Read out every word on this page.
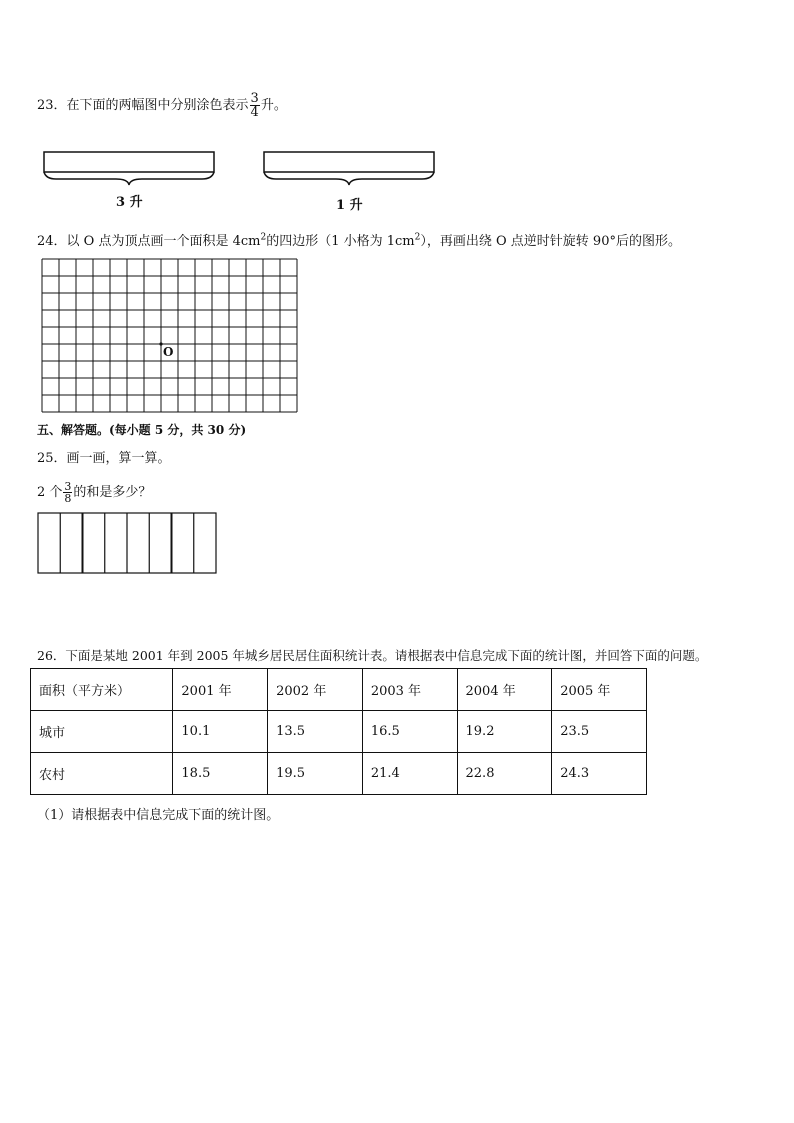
23．在下面的两幅图中分别涂色表示 $\frac{3}{4}$ 升。
3 升	1 升
24．以 O 点为顶点画一个面积是 $4cm^2$的四边形（1 小格为 $1cm^2$），再画出绕 O 点逆时针旋转 90°后的图形。
O
五、解答题。(每小题 5 分，共 30 分)
25．画一画，算一算。
2 个 $\frac{3}{8}$ 的和是多少？
26．下面是某地 2001 年到 2005 年城乡居民居住面积统计表。请根据表中信息完成下面的统计图，并回答下面的问题。
面积（平方米）	2001 年	2002 年	2003 年	2004 年	2005 年
城市	10.1	13.5	16.5	19.2	23.5
农村	18.5	19.5	21.4	22.8	24.3
（1）请根据表中信息完成下面的统计图。
